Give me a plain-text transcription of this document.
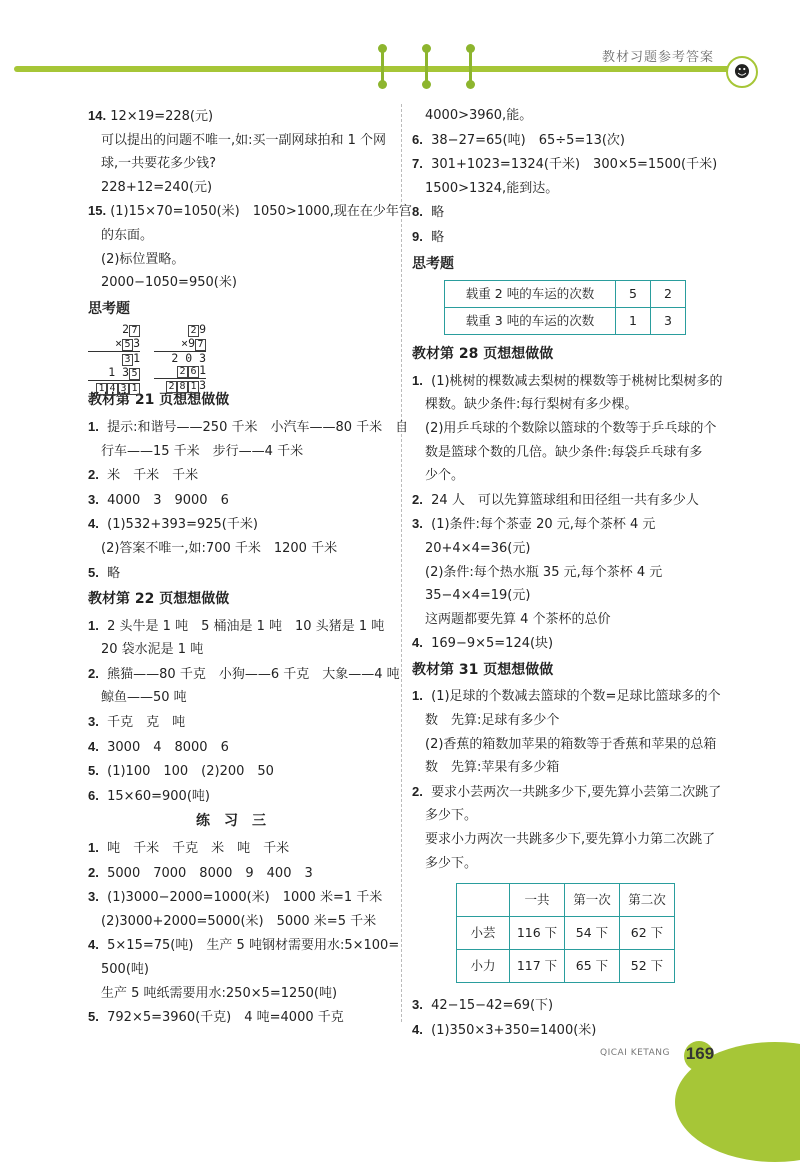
教材习题参考答案
☻
14. 12×19=228(元)
可以提出的问题不唯一,如:买一副网球拍和 1 个网
球,一共要花多少钱?
228+12=240(元)
15. (1)15×70=1050(米)　1050>1000,现在在少年宫
的东面。
(2)标位置略。
2000−1050=950(米)
思考题
2 7
× 5 3
3 1
1 3 5
1 4 3 1
2 9
×9 7
2 0 3
2 6 1
2 8 1 3
教材第 21 页想想做做
1. 提示:和谐号——250 千米　小汽车——80 千米　自
行车——15 千米　步行——4 千米
2. 米　千米　千米
3. 4000　3　9000　6
4. (1)532+393=925(千米)
(2)答案不唯一,如:700 千米　1200 千米
5. 略
教材第 22 页想想做做
1. 2 头牛是 1 吨　5 桶油是 1 吨　10 头猪是 1 吨
20 袋水泥是 1 吨
2. 熊猫——80 千克　小狗——6 千克　大象——4 吨
鲸鱼——50 吨
3. 千克　克　吨
4. 3000　4　8000　6
5. (1)100　100　(2)200　50
6. 15×60=900(吨)
练习三
1. 吨　千米　千克　米　吨　千米
2. 5000　7000　8000　9　400　3
3. (1)3000−2000=1000(米)　1000 米=1 千米
(2)3000+2000=5000(米)　5000 米=5 千米
4. 5×15=75(吨)　生产 5 吨钢材需要用水:5×100=
500(吨)
生产 5 吨纸需要用水:250×5=1250(吨)
5. 792×5=3960(千克)　4 吨=4000 千克
4000>3960,能。
6. 38−27=65(吨)　65÷5=13(次)
7. 301+1023=1324(千米)　300×5=1500(千米)
1500>1324,能到达。
8. 略
9. 略
思考题
载重 2 吨的车运的次数	5	2
载重 3 吨的车运的次数	1	3
教材第 28 页想想做做
1. (1)桃树的棵数减去梨树的棵数等于桃树比梨树多的
棵数。缺少条件:每行梨树有多少棵。
(2)用乒乓球的个数除以篮球的个数等于乒乓球的个
数是篮球个数的几倍。缺少条件:每袋乒乓球有多
少个。
2. 24 人　可以先算篮球组和田径组一共有多少人
3. (1)条件:每个茶壶 20 元,每个茶杯 4 元
20+4×4=36(元)
(2)条件:每个热水瓶 35 元,每个茶杯 4 元
35−4×4=19(元)
这两题都要先算 4 个茶杯的总价
4. 169−9×5=124(块)
教材第 31 页想想做做
1. (1)足球的个数减去篮球的个数=足球比篮球多的个
数　先算:足球有多少个
(2)香蕉的箱数加苹果的箱数等于香蕉和苹果的总箱
数　先算:苹果有多少箱
2. 要求小芸两次一共跳多少下,要先算小芸第二次跳了
多少下。
要求小力两次一共跳多少下,要先算小力第二次跳了
多少下。
	一共	第一次	第二次
小芸	116 下	54 下	62 下
小力	117 下	65 下	52 下
3. 42−15−42=69(下)
4. (1)350×3+350=1400(米)
QICAI KETANG 169
